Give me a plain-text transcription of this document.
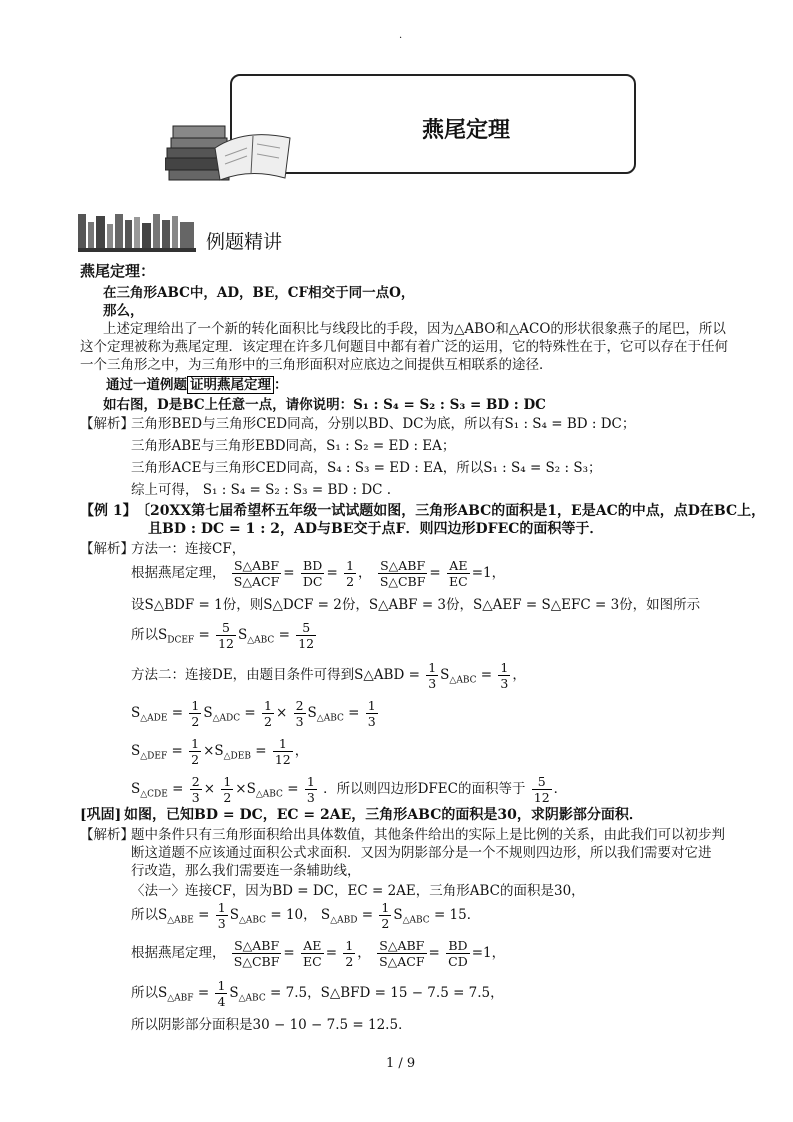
.
燕尾定理
例题精讲
燕尾定理：
在三角形ABC中，AD，BE，CF相交于同一点O，
那么，
上述定理给出了一个新的转化面积比与线段比的手段，因为△ABO和△ACO的形状很象燕子的尾巴，所以
这个定理被称为燕尾定理．该定理在许多几何题目中都有着广泛的运用，它的特殊性在于，它可以存在于任何
一个三角形之中，为三角形中的三角形面积对应底边之间提供互相联系的途径．
通过一道例题 证明燕尾定理 ：
如右图，D是BC上任意一点，请你说明：S₁ : S₄ = S₂ : S₃ = BD : DC
【解析】
三角形BED与三角形CED同高，分别以BD、DC为底，所以有S₁ : S₄ = BD : DC；
三角形ABE与三角形EBD同高，S₁ : S₂ = ED : EA；
三角形ACE与三角形CED同高，S₄ : S₃ = ED : EA，所以S₁ : S₄ = S₂ : S₃；
综上可得， S₁ : S₄ = S₂ : S₃ = BD : DC .
【例 1】 〔20XX第七届希望杯五年级一试试题如图，三角形ABC的面积是1，E是AC的中点，点D在BC上，
且BD : DC = 1 : 2，AD与BE交于点F．则四边形DFEC的面积等于．
【解析】
方法一：连接CF，
根据燕尾定理， $\frac{\text{S△ABF}}{\text{S△ACF}} = \frac{BD}{DC} = \frac{1}{2}$ ， $\frac{\text{S△ABF}}{\text{S△CBF}} = \frac{AE}{EC} =1$，
设S△BDF = 1份，则S△DCF = 2份，S△ABF = 3份，S△AEF = S△EFC = 3份，如图所示
所以$S_{DCEF} = \frac{5}{12} S_{\triangle ABC} = \frac{5}{12}$
方法二：连接DE，由题目条件可得到S△ABD = $\frac{1}{3} S_{\triangle ABC} = \frac{1}{3}$ ，
$S_{\triangle ADE} = \frac{1}{2} S_{\triangle ADC} = \frac{1}{2} \times \frac{2}{3} S_{\triangle ABC} = \frac{1}{3}$
$S_{\triangle DEF} = \frac{1}{2} \times S_{\triangle DEB} = \frac{1}{12}$ ，
$S_{\triangle CDE} = \frac{2}{3} \times \frac{1}{2} \times S_{\triangle ABC} = \frac{1}{3}$ ．所以则四边形DFEC的面积等于 $\frac{5}{12}$ ．
[巩固] 如图，已知BD = DC，EC = 2AE，三角形ABC的面积是30，求阴影部分面积．
【解析】
题中条件只有三角形面积给出具体数值，其他条件给出的实际上是比例的关系，由此我们可以初步判
断这道题不应该通过面积公式求面积．又因为阴影部分是一个不规则四边形，所以我们需要对它进
行改造，那么我们需要连一条辅助线，
〈法一〉连接CF，因为BD = DC，EC = 2AE，三角形ABC的面积是30，
所以$S_{\triangle ABE} = \frac{1}{3} S_{\triangle ABC} = 10$， $S_{\triangle ABD} = \frac{1}{2} S_{\triangle ABC} = 15$．
根据燕尾定理， $\frac{\text{S△ABF}}{\text{S△CBF}} = \frac{AE}{EC} = \frac{1}{2}$ ， $\frac{\text{S△ABF}}{\text{S△ACF}} = \frac{BD}{CD} =1$，
所以$S_{\triangle ABF} = \frac{1}{4} S_{\triangle ABC} = 7.5$，S△BFD = 15 − 7.5 = 7.5，
所以阴影部分面积是30 − 10 − 7.5 = 12.5．
1 / 9
